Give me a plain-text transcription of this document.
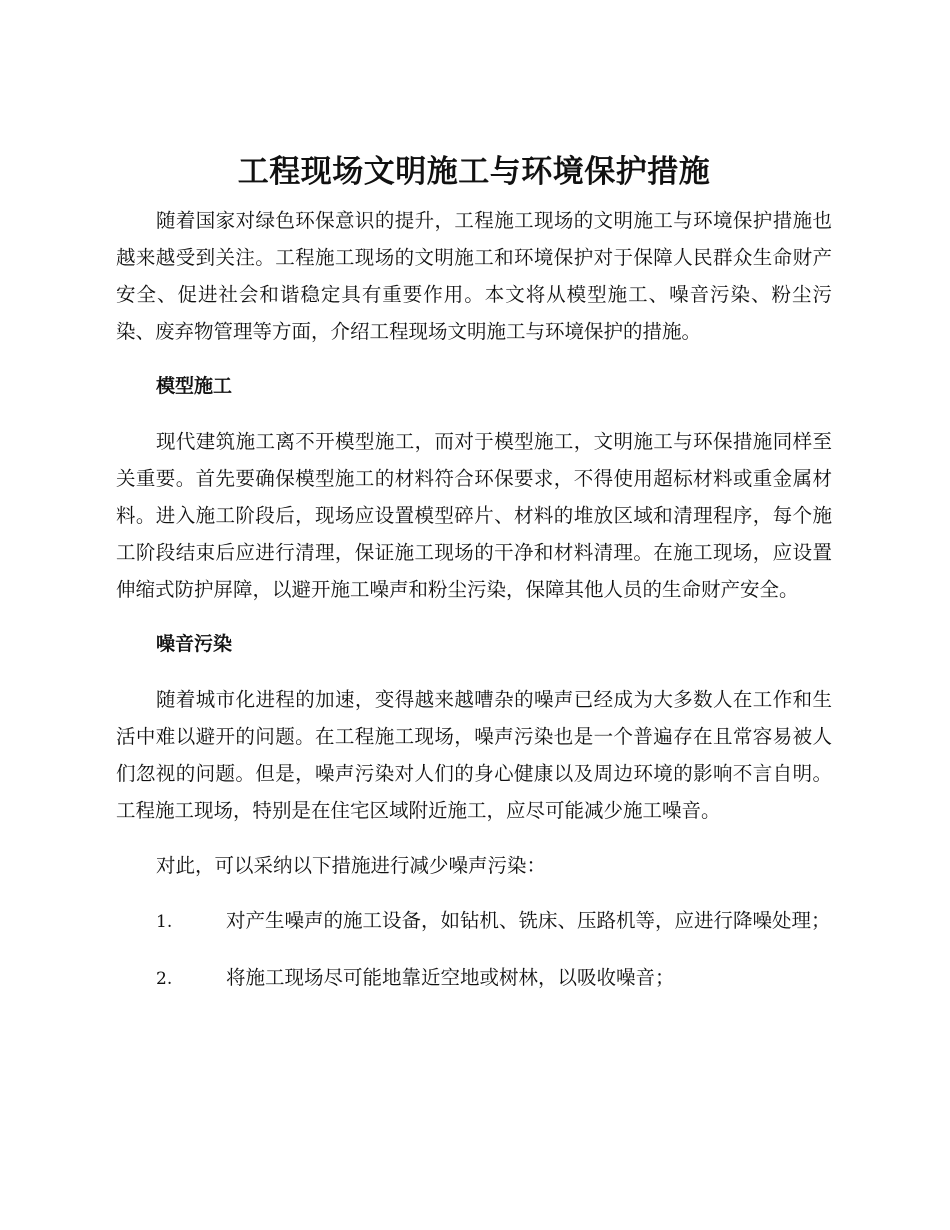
工程现场文明施工与环境保护措施

随着国家对绿色环保意识的提升，工程施工现场的文明施工与环境保护措施也越来越受到关注。工程施工现场的文明施工和环境保护对于保障人民群众生命财产安全、促进社会和谐稳定具有重要作用。本文将从模型施工、噪音污染、粉尘污染、废弃物管理等方面，介绍工程现场文明施工与环境保护的措施。

模型施工

现代建筑施工离不开模型施工，而对于模型施工，文明施工与环保措施同样至关重要。首先要确保模型施工的材料符合环保要求，不得使用超标材料或重金属材料。进入施工阶段后，现场应设置模型碎片、材料的堆放区域和清理程序，每个施工阶段结束后应进行清理，保证施工现场的干净和材料清理。在施工现场，应设置伸缩式防护屏障，以避开施工噪声和粉尘污染，保障其他人员的生命财产安全。

噪音污染

随着城市化进程的加速，变得越来越嘈杂的噪声已经成为大多数人在工作和生活中难以避开的问题。在工程施工现场，噪声污染也是一个普遍存在且常容易被人们忽视的问题。但是，噪声污染对人们的身心健康以及周边环境的影响不言自明。工程施工现场，特别是在住宅区域附近施工，应尽可能减少施工噪音。

对此，可以采纳以下措施进行减少噪声污染：

1.	对产生噪声的施工设备，如钻机、铣床、压路机等，应进行降噪处理；

2.	将施工现场尽可能地靠近空地或树林，以吸收噪音；
